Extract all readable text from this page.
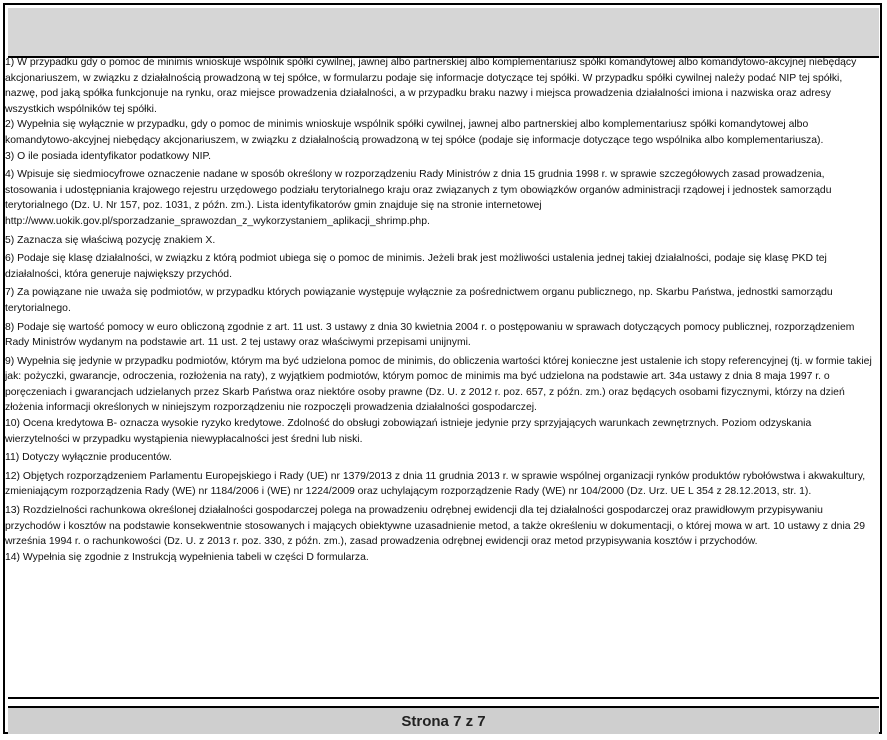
Strona 7 z 7

1) W przypadku gdy o pomoc de minimis wnioskuje wspólnik spółki cywilnej, jawnej albo partnerskiej albo komplementariusz spółki komandytowej albo komandytowo-akcyjnej niebędący akcjonariuszem, w związku z działalnością prowadzoną w tej spółce, w formularzu podaje się informacje dotyczące tej spółki. W przypadku spółki cywilnej należy podać NIP tej spółki, nazwę, pod jaką spółka funkcjonuje na rynku, oraz miejsce prowadzenia działalności, a w przypadku braku nazwy i miejsca prowadzenia działalności imiona i nazwiska oraz adresy wszystkich wspólników tej spółki.

2) Wypełnia się wyłącznie w przypadku, gdy o pomoc de minimis wnioskuje wspólnik spółki cywilnej, jawnej albo partnerskiej albo komplementariusz spółki komandytowej albo komandytowo-akcyjnej niebędący akcjonariuszem, w związku z działalnością prowadzoną w tej spółce (podaje się informacje dotyczące tego wspólnika albo komplementariusza).

3) O ile posiada identyfikator podatkowy NIP.

4) Wpisuje się siedmiocyfrowe oznaczenie nadane w sposób określony w rozporządzeniu Rady Ministrów z dnia 15 grudnia 1998 r. w sprawie szczegółowych zasad prowadzenia, stosowania i udostępniania krajowego rejestru urzędowego podziału terytorialnego kraju oraz związanych z tym obowiązków organów administracji rządowej i jednostek samorządu terytorialnego (Dz. U. Nr 157, poz. 1031, z późn. zm.). Lista identyfikatorów gmin znajduje się na stronie internetowej http://www.uokik.gov.pl/sporzadzanie_sprawozdan_z_wykorzystaniem_aplikacji_shrimp.php.

5) Zaznacza się właściwą pozycję znakiem X.

6) Podaje się klasę działalności, w związku z którą podmiot ubiega się o pomoc de minimis. Jeżeli brak jest możliwości ustalenia jednej takiej działalności, podaje się klasę PKD tej działalności, która generuje największy przychód.

7) Za powiązane nie uważa się podmiotów, w przypadku których powiązanie występuje wyłącznie za pośrednictwem organu publicznego, np. Skarbu Państwa, jednostki samorządu terytorialnego.

8) Podaje się wartość pomocy w euro obliczoną zgodnie z art. 11 ust. 3 ustawy z dnia 30 kwietnia 2004 r. o postępowaniu w sprawach dotyczących pomocy publicznej, rozporządzeniem Rady Ministrów wydanym na podstawie art. 11 ust. 2 tej ustawy oraz właściwymi przepisami unijnymi.

9) Wypełnia się jedynie w przypadku podmiotów, którym ma być udzielona pomoc de minimis, do obliczenia wartości której konieczne jest ustalenie ich stopy referencyjnej (tj. w formie takiej jak: pożyczki, gwarancje, odroczenia, rozłożenia na raty), z wyjątkiem podmiotów, którym pomoc de minimis ma być udzielona na podstawie art. 34a ustawy z dnia 8 maja 1997 r. o poręczeniach i gwarancjach udzielanych przez Skarb Państwa oraz niektóre osoby prawne (Dz. U. z 2012 r. poz. 657, z późn. zm.) oraz będących osobami fizycznymi, którzy na dzień złożenia informacji określonych w niniejszym rozporządzeniu nie rozpoczęli prowadzenia działalności gospodarczej.

10) Ocena kredytowa B- oznacza wysokie ryzyko kredytowe. Zdolność do obsługi zobowiązań istnieje jedynie przy sprzyjających warunkach zewnętrznych. Poziom odzyskania wierzytelności w przypadku wystąpienia niewypłacalności jest średni lub niski.

11) Dotyczy wyłącznie producentów.

12) Objętych rozporządzeniem Parlamentu Europejskiego i Rady (UE) nr 1379/2013 z dnia 11 grudnia 2013 r. w sprawie wspólnej organizacji rynków produktów rybołówstwa i akwakultury, zmieniającym rozporządzenia Rady (WE) nr 1184/2006 i (WE) nr 1224/2009 oraz uchylającym rozporządzenie Rady (WE) nr 104/2000 (Dz. Urz. UE L 354 z 28.12.2013, str. 1).

13) Rozdzielności rachunkowa określonej działalności gospodarczej polega na prowadzeniu odrębnej ewidencji dla tej działalności gospodarczej oraz prawidłowym przypisywaniu przychodów i kosztów na podstawie konsekwentnie stosowanych i mających obiektywne uzasadnienie metod, a także określeniu w dokumentacji, o której mowa w art. 10 ustawy z dnia 29 września 1994 r. o rachunkowości (Dz. U. z 2013 r. poz. 330, z późn. zm.), zasad prowadzenia odrębnej ewidencji oraz metod przypisywania kosztów i przychodów.

14) Wypełnia się zgodnie z Instrukcją wypełnienia tabeli w części D formularza.
